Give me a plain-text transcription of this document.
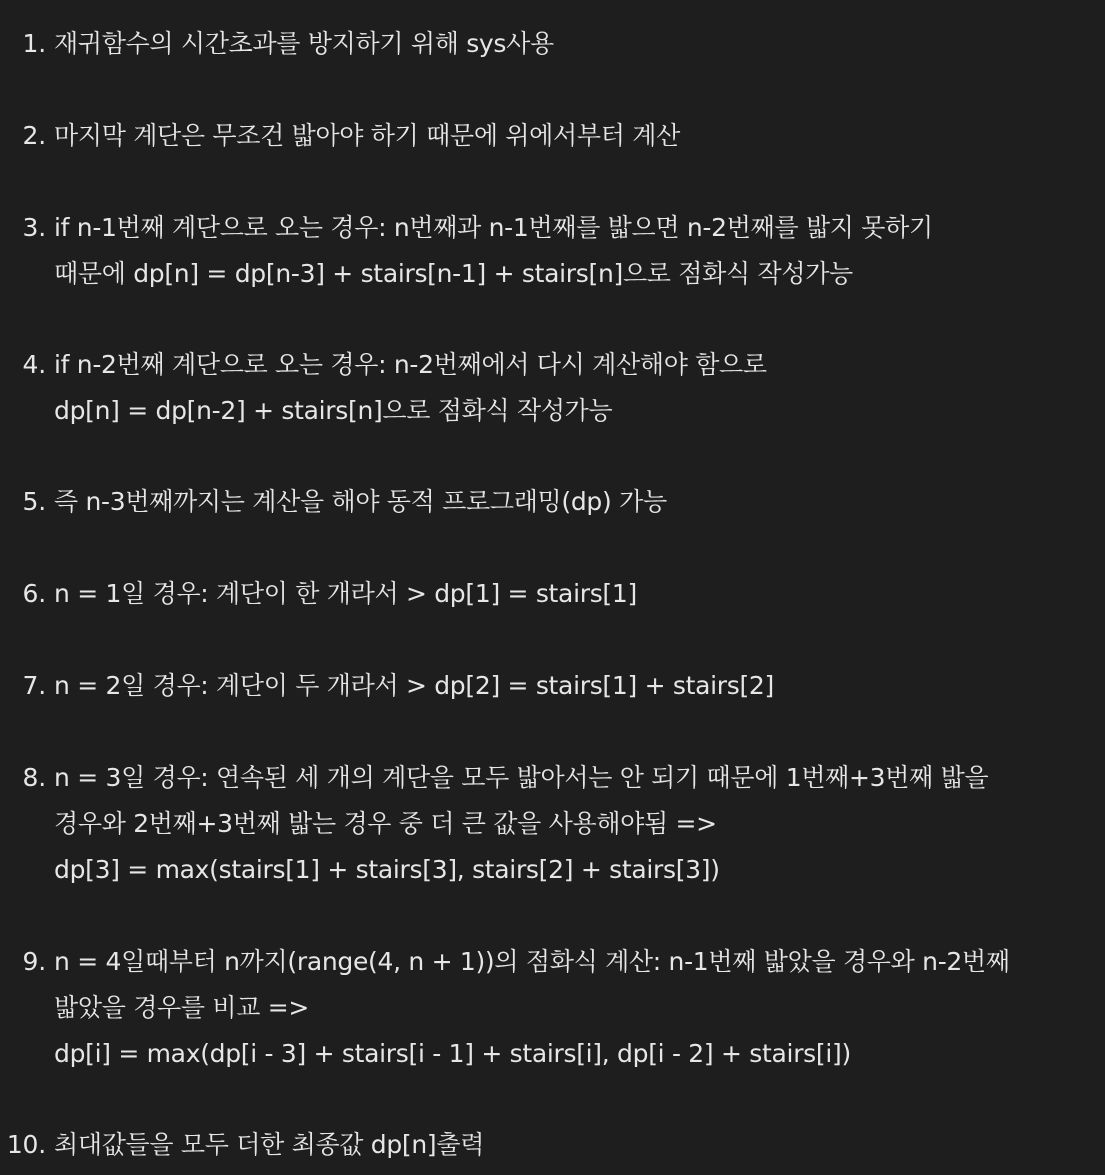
1. 재귀함수의 시간초과를 방지하기 위해 sys사용
2. 마지막 계단은 무조건 밟아야 하기 때문에 위에서부터 계산
3. if n-1번째 계단으로 오는 경우: n번째과 n-1번째를 밟으면 n-2번째를 밟지 못하기
때문에 dp[n] = dp[n-3] + stairs[n-1] + stairs[n]으로 점화식 작성가능
4. if n-2번째 계단으로 오는 경우: n-2번째에서 다시 계산해야 함으로
dp[n] = dp[n-2] + stairs[n]으로 점화식 작성가능
5. 즉 n-3번째까지는 계산을 해야 동적 프로그래밍(dp) 가능
6. n = 1일 경우: 계단이 한 개라서 > dp[1] = stairs[1]
7. n = 2일 경우: 계단이 두 개라서 > dp[2] = stairs[1] + stairs[2]
8. n = 3일 경우: 연속된 세 개의 계단을 모두 밟아서는 안 되기 때문에 1번째+3번째 밟을
경우와 2번째+3번째 밟는 경우 중 더 큰 값을 사용해야됨 =>
dp[3] = max(stairs[1] + stairs[3], stairs[2] + stairs[3])
9. n = 4일때부터 n까지(range(4, n + 1))의 점화식 계산: n-1번째 밟았을 경우와 n-2번째
밟았을 경우를 비교 =>
dp[i] = max(dp[i - 3] + stairs[i - 1] + stairs[i], dp[i - 2] + stairs[i])
10. 최대값들을 모두 더한 최종값 dp[n]출력
